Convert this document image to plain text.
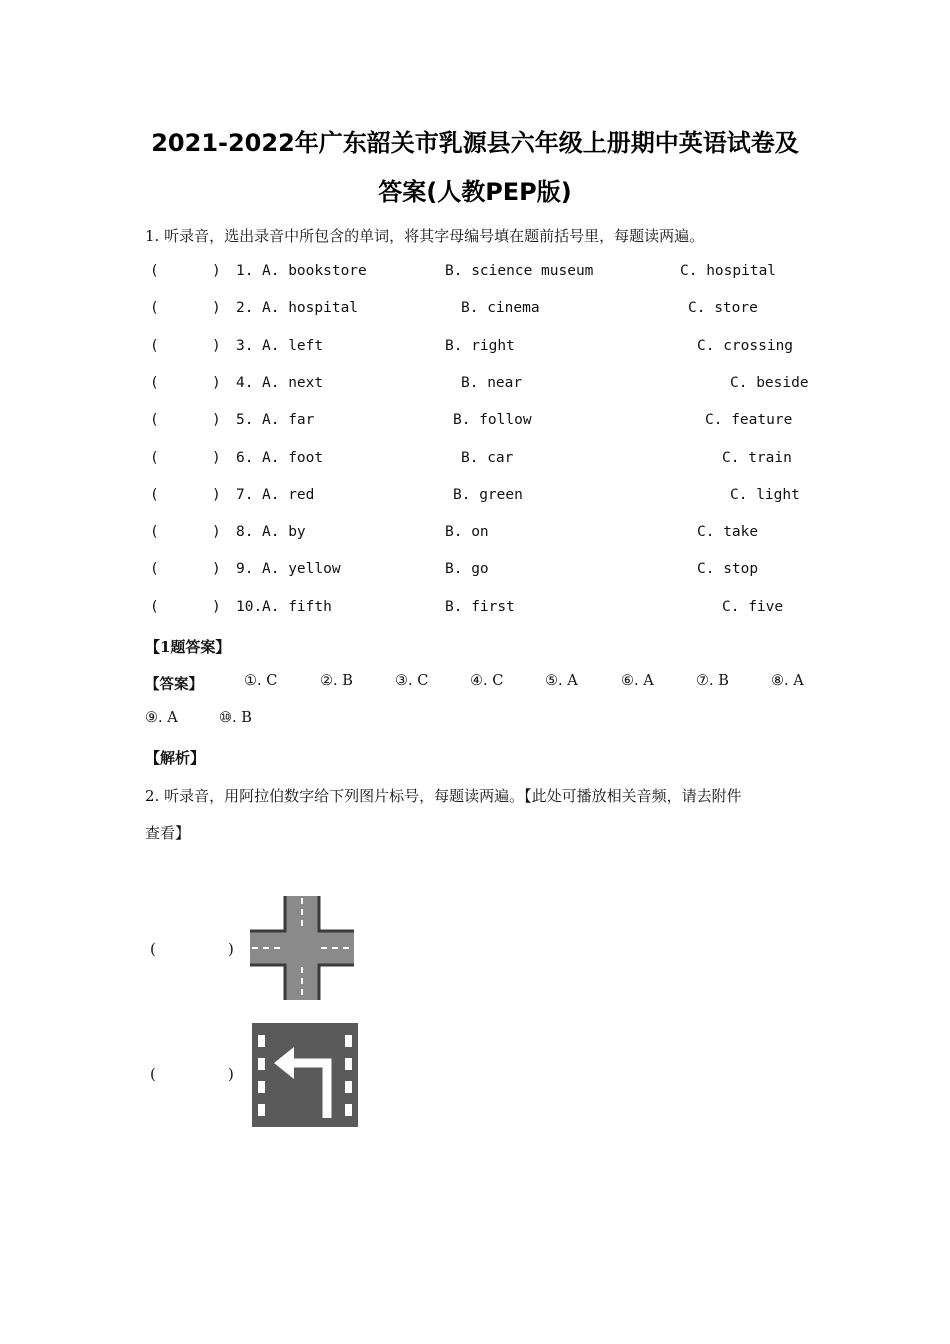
2021-2022年广东韶关市乳源县六年级上册期中英语试卷及
答案(人教PEP版)
1. 听录音，选出录音中所包含的单词，将其字母编号填在题前括号里，每题读两遍。
(	) 1. A. bookstore	B. science museum	C. hospital
(	) 2. A. hospital	B. cinema	C. store
(	) 3. A. left	B. right	C. crossing
(	) 4. A. next	B. near	C. beside
(	) 5. A. far	B. follow	C. feature
(	) 6. A. foot	B. car	C. train
(	) 7. A. red	B. green	C. light
(	) 8. A. by	B. on	C. take
(	) 9. A. yellow	B. go	C. stop
(	) 10. A. fifth	B. first	C. five
【1题答案】
【答案】	①. C	②. B	③. C	④. C	⑤. A	⑥. A	⑦. B	⑧. A
⑨. A	⑩. B
【解析】
2. 听录音，用阿拉伯数字给下列图片标号，每题读两遍。【此处可播放相关音频，请去附件
查看】
(	)
(	)
